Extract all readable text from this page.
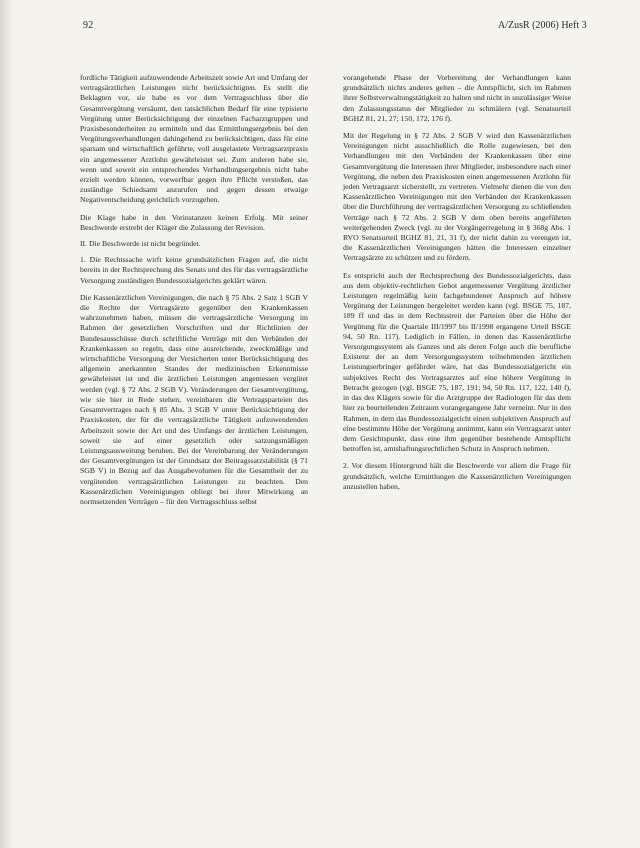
92	A/ZusR (2006) Heft 3

fordliche Tätigkeit aufzuwendende Arbeitszeit sowie Art und Umfang der vertragsärztlichen Leistungen nicht berücksichtigten. Es stellt die Beklagten vor, sie habe es vor dem Vertragsschluss über die Gesamtvergütung versäumt, den tatsächlichen Bedarf für eine typisierte Vergütung unter Berücksichtigung der einzelnen Facharztgruppen und Praxisbesonderheiten zu ermitteln und das Ermittlungsergebnis bei den Vergütungsverhandlungen dahingehend zu berücksichtigen, dass für eine sparsam und wirtschaftlich geführte, voll ausgelastete Vertragsarztpraxis ein angemessener Arztlohn gewährleistet sei. Zum anderen habe sie, wenn und soweit ein entsprechendes Verhandlungsergebnis nicht habe erzielt werden können, vorwerfbar gegen ihre Pflicht verstoßen, das zuständige Schiedsamt anzurufen und gegen dessen etwaige Negativentscheidung gerichtlich vorzugehen.

Die Klage habe in den Vorinstanzen keinen Erfolg. Mit seiner Beschwerde erstrebt der Kläger die Zulassung der Revision.

II. Die Beschwerde ist nicht begründet.

1. Die Rechtssache wirft keine grundsätzlichen Fragen auf, die nicht bereits in der Rechtsprechung des Senats und des für das vertragsärztliche Versorgung zuständigen Bundessozialgerichts geklärt wären.

Die Kassenärztlichen Vereinigungen, die nach § 75 Abs. 2 Satz 1 SGB V die Rechte der Vertragsärzte gegenüber den Krankenkassen wahrzunehmen haben, müssen die vertragsärztliche Versorgung im Rahmen der gesetzlichen Vorschriften und der Richtlinien der Bundesausschüsse durch schriftliche Verträge mit den Verbänden der Krankenkassen so regeln, dass eine ausreichende, zweckmäßige und wirtschaftliche Versorgung der Versicherten unter Berücksichtigung des allgemein anerkannten Standes der medizinischen Erkenntnisse gewährleistet ist und die ärztlichen Leistungen angemessen vergütet werden (vgl. § 72 Abs. 2 SGB V). Veränderungen der Gesamtvergütung, wie sie hier in Rede stehen, vereinbaren die Vertragsparteien des Gesamtvertrages nach § 85 Abs. 3 SGB V unter Berücksichtigung der Praxiskosten, der für die vertragsärztliche Tätigkeit aufzuwendenden Arbeitszeit sowie der Art und des Umfangs der ärztlichen Leistungen, soweit sie auf einer gesetzlich oder satzungsmäßigen Leistungsausweitung beruhen. Bei der Vereinbarung der Veränderungen der Gesamtvergütungen ist der Grundsatz der Beitragssatzstabilität (§ 71 SGB V) in Bezug auf das Ausgabevolumen für die Gesamtheit der zu vergütenden vertragsärztlichen Leistungen zu beachten. Den Kassenärztlichen Vereinigungen obliegt bei ihrer Mitwirkung an normsetzenden Verträgen – für den Vertragsschluss selbst

vorangehende Phase der Vorbereitung der Verhandlungen kann grundsätzlich nichts anderes gelten – die Amtspflicht, sich im Rahmen ihrer Selbstverwaltungstätigkeit zu halten und nicht in unzulässiger Weise den Zulassungsstatus der Mitglieder zu schmälern (vgl. Senatsurteil BGHZ 81, 21, 27; 150, 172, 176 f).

Mit der Regelung in § 72 Abs. 2 SGB V wird den Kassenärztlichen Vereinigungen nicht ausschließlich die Rolle zugewiesen, bei den Verhandlungen mit den Verbänden der Krankenkassen über eine Gesamtvergütung die Interessen ihrer Mitglieder, insbesondere nach einer Vergütung, die neben den Praxiskosten einen angemessenen Arztlohn für jeden Vertragsarzt sicherstellt, zu vertreten. Vielmehr dienen die von den Kassenärztlichen Vereinigungen mit den Verbänden der Krankenkassen über die Durchführung der vertragsärztlichen Versorgung zu schließenden Verträge nach § 72 Abs. 2 SGB V dem oben bereits angeführten weitergehenden Zweck (vgl. zu der Vorgängerregelung in § 368g Abs. 1 RVO Senatsurteil BGHZ 81, 21, 31 f), der nicht dahin zu verengen ist, die Kassenärztlichen Vereinigungen hätten die Interessen einzelner Vertragsärzte zu schützen und zu fördern.

Es entspricht auch der Rechtsprechung des Bundessozialgerichts, dass aus dem objektiv-rechtlichen Gebot angemessener Vergütung ärztlicher Leistungen regelmäßig kein fachgebundener Anspruch auf höhere Vergütung der Leistungen hergeleitet werden kann (vgl. BSGE 75, 187, 189 ff und das in dem Rechtsstreit der Parteien über die Höhe der Vergütung für die Quartale III/1997 bis II/1998 ergangene Urteil BSGE 94, 50 Rn. 117). Lediglich in Fällen, in denen das Kassenärztliche Versorgungssystem als Ganzes und als deren Folge auch die berufliche Existenz der an dem Versorgungssystem teilnehmenden ärztlichen Leistungserbringer gefährdet wäre, hat das Bundessozialgericht ein subjektives Recht des Vertragsarztes auf eine höhere Vergütung in Betracht gezogen (vgl. BSGE 75, 187, 191; 94, 50 Rn. 117, 122, 140 f), in das des Klägers sowie für die Arztgruppe der Radiologen für das dem hier zu beurteilenden Zeitraum vorangegangene Jahr verneint. Nur in den Rahmen, in dem das Bundessozialgericht einen subjektiven Anspruch auf eine bestimmte Höhe der Vergütung annimmt, kann ein Vertragsarzt unter dem Gesichtspunkt, dass eine ihm gegenüber bestehende Amtspflicht betroffen ist, amtshaftungsrechtlichen Schutz in Anspruch nehmen.

2. Vor diesem Hintergrund hält die Beschwerde vor allem die Frage für grundsätzlich, welche Ermittlungen die Kassenärztlichen Vereinigungen anzustellen haben,
